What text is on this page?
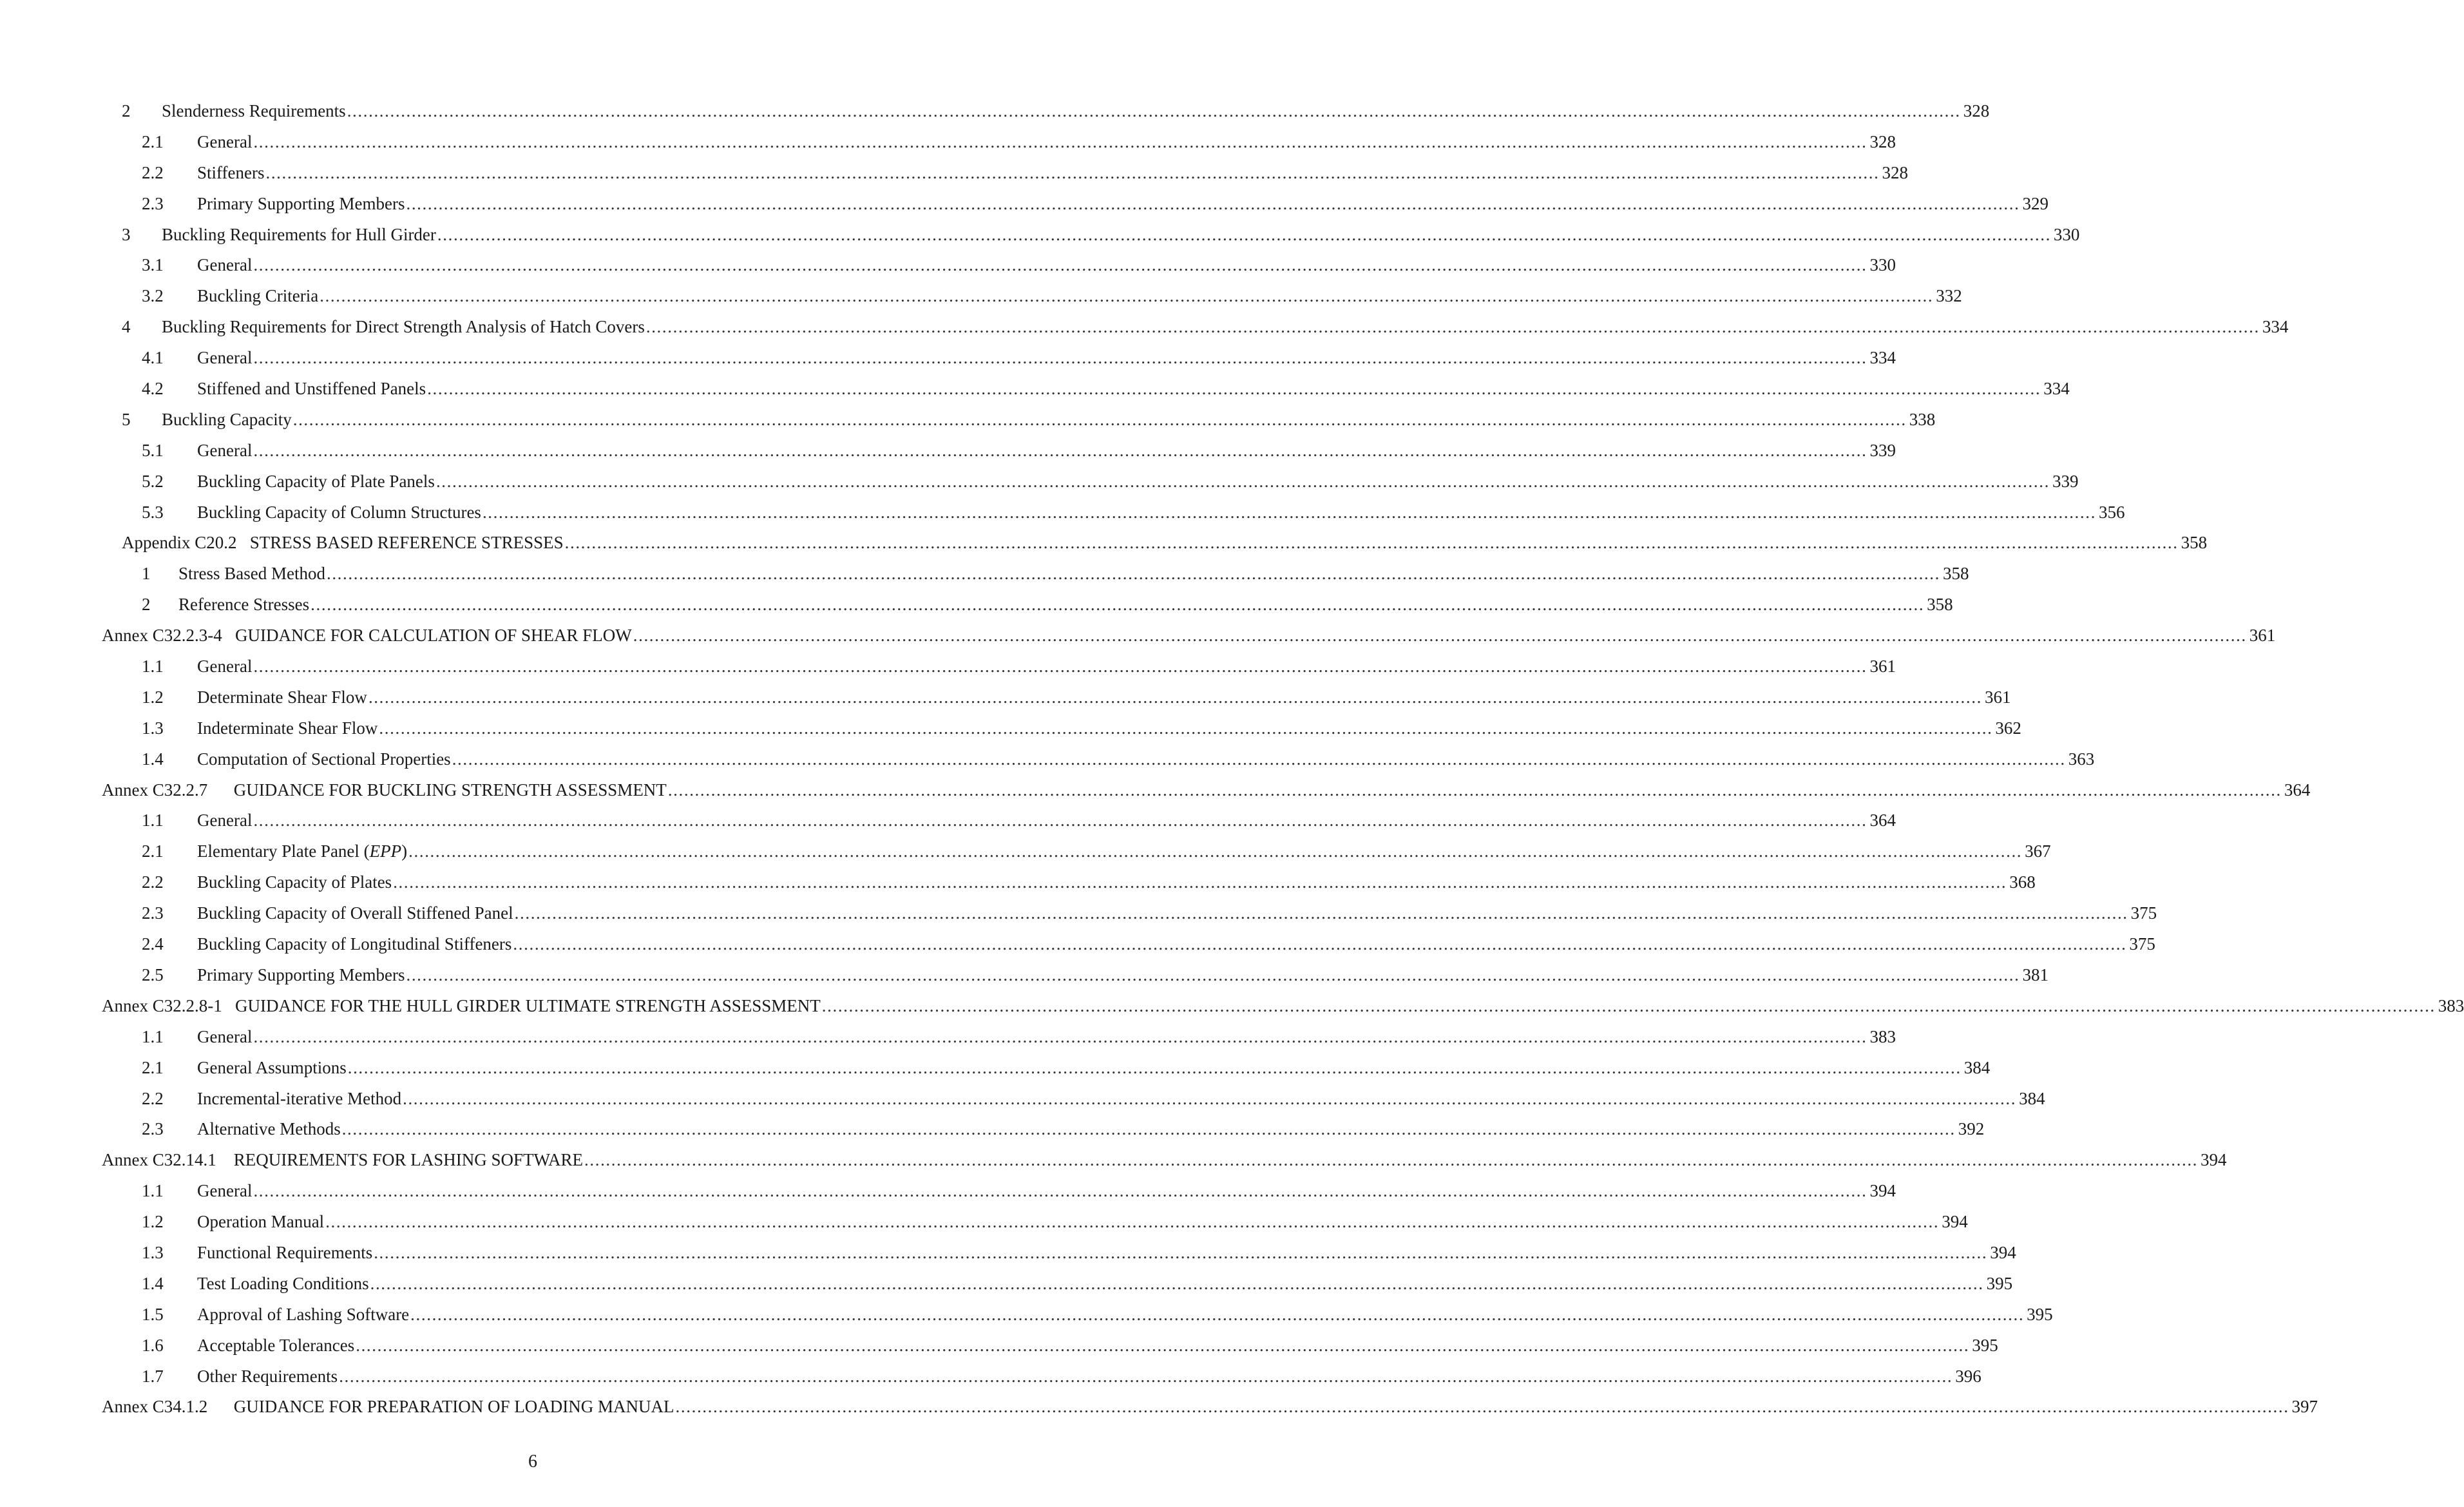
2 Slenderness Requirements ............................................................................................................................................................................................................................................................................................................ 328
2.1 General ............................................................................................................................................................................................................................................................................................................ 328
2.2 Stiffeners ............................................................................................................................................................................................................................................................................................................ 328
2.3 Primary Supporting Members ............................................................................................................................................................................................................................................................................................................ 329
3 Buckling Requirements for Hull Girder ............................................................................................................................................................................................................................................................................................................ 330
3.1 General ............................................................................................................................................................................................................................................................................................................ 330
3.2 Buckling Criteria ............................................................................................................................................................................................................................................................................................................ 332
4 Buckling Requirements for Direct Strength Analysis of Hatch Covers ............................................................................................................................................................................................................................................................................................................ 334
4.1 General ............................................................................................................................................................................................................................................................................................................ 334
4.2 Stiffened and Unstiffened Panels ............................................................................................................................................................................................................................................................................................................ 334
5 Buckling Capacity ............................................................................................................................................................................................................................................................................................................ 338
5.1 General ............................................................................................................................................................................................................................................................................................................ 339
5.2 Buckling Capacity of Plate Panels ............................................................................................................................................................................................................................................................................................................ 339
5.3 Buckling Capacity of Column Structures ............................................................................................................................................................................................................................................................................................................ 356
Appendix C20.2   STRESS BASED REFERENCE STRESSES ............................................................................................................................................................................................................................................................................................................ 358
1 Stress Based Method ............................................................................................................................................................................................................................................................................................................ 358
2 Reference Stresses ............................................................................................................................................................................................................................................................................................................ 358
Annex C32.2.3-4   GUIDANCE FOR CALCULATION OF SHEAR FLOW ............................................................................................................................................................................................................................................................................................................ 361
1.1 General ............................................................................................................................................................................................................................................................................................................ 361
1.2 Determinate Shear Flow ............................................................................................................................................................................................................................................................................................................ 361
1.3 Indeterminate Shear Flow ............................................................................................................................................................................................................................................................................................................ 362
1.4 Computation of Sectional Properties ............................................................................................................................................................................................................................................................................................................ 363
Annex C32.2.7      GUIDANCE FOR BUCKLING STRENGTH ASSESSMENT ............................................................................................................................................................................................................................................................................................................ 364
1.1 General ............................................................................................................................................................................................................................................................................................................ 364
2.1 Elementary Plate Panel (EPP) ............................................................................................................................................................................................................................................................................................................ 367
2.2 Buckling Capacity of Plates ............................................................................................................................................................................................................................................................................................................ 368
2.3 Buckling Capacity of Overall Stiffened Panel ............................................................................................................................................................................................................................................................................................................ 375
2.4 Buckling Capacity of Longitudinal Stiffeners ............................................................................................................................................................................................................................................................................................................ 375
2.5 Primary Supporting Members ............................................................................................................................................................................................................................................................................................................ 381
Annex C32.2.8-1   GUIDANCE FOR THE HULL GIRDER ULTIMATE STRENGTH ASSESSMENT ............................................................................................................................................................................................................................................................................................................ 383
1.1 General ............................................................................................................................................................................................................................................................................................................ 383
2.1 General Assumptions ............................................................................................................................................................................................................................................................................................................ 384
2.2 Incremental-iterative Method ............................................................................................................................................................................................................................................................................................................ 384
2.3 Alternative Methods ............................................................................................................................................................................................................................................................................................................ 392
Annex C32.14.1    REQUIREMENTS FOR LASHING SOFTWARE ............................................................................................................................................................................................................................................................................................................ 394
1.1 General ............................................................................................................................................................................................................................................................................................................ 394
1.2 Operation Manual ............................................................................................................................................................................................................................................................................................................ 394
1.3 Functional Requirements ............................................................................................................................................................................................................................................................................................................ 394
1.4 Test Loading Conditions ............................................................................................................................................................................................................................................................................................................ 395
1.5 Approval of Lashing Software ............................................................................................................................................................................................................................................................................................................ 395
1.6 Acceptable Tolerances ............................................................................................................................................................................................................................................................................................................ 395
1.7 Other Requirements ............................................................................................................................................................................................................................................................................................................ 396
Annex C34.1.2      GUIDANCE FOR PREPARATION OF LOADING MANUAL ............................................................................................................................................................................................................................................................................................................ 397
6
